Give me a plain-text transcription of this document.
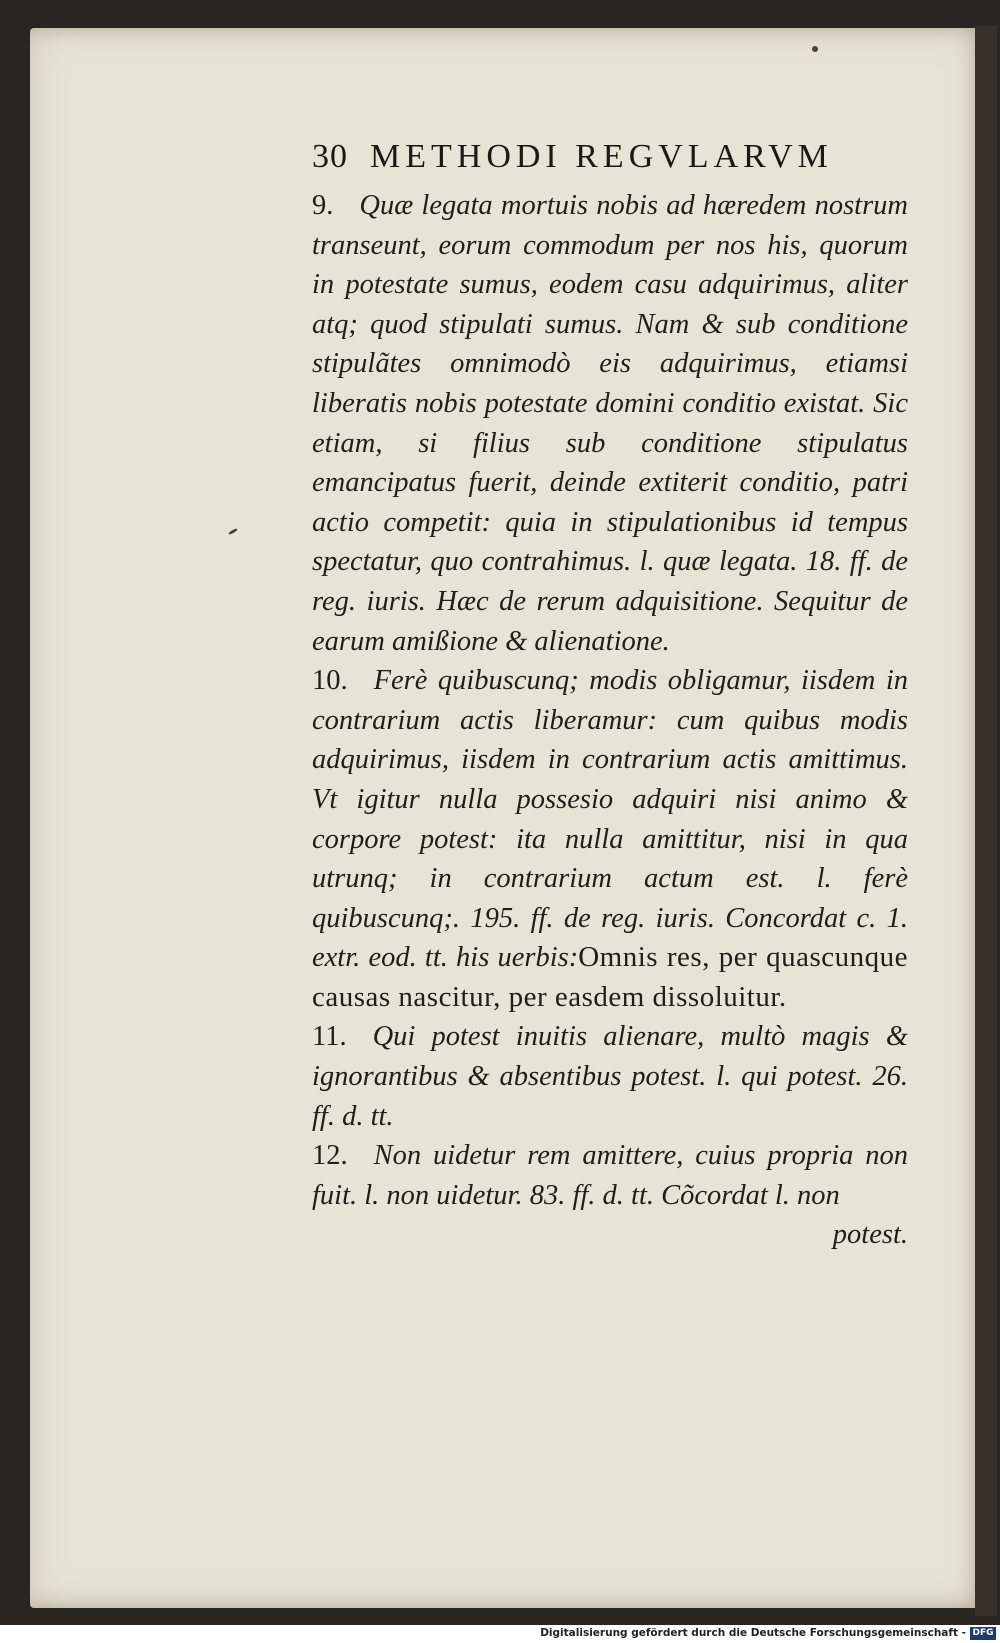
30 METHODI REGVLARVM
9. Quæ legata mortuis nobis ad hæredem nostrum transeunt, eorum commodum per nos his, quorum in potestate sumus, eodem casu adquirimus, aliter atq; quod stipulati sumus. Nam & sub conditione stipulãtes omnimodò eis adquirimus, etiamsi liberatis nobis potestate domini conditio existat. Sic etiam, si filius sub conditione stipulatus emancipatus fuerit, deinde extiterit conditio, patri actio competit: quia in stipulationibus id tempus spectatur, quo contrahimus. l. quæ legata. 18. ff. de reg. iuris. Hæc de rerum adquisitione. Sequitur de earum amißione & alienatione.
10. Ferè quibuscunq; modis obligamur, iisdem in contrarium actis liberamur: cum quibus modis adquirimus, iisdem in contrarium actis amittimus. Vt igitur nulla possesio adquiri nisi animo & corpore potest: ita nulla amittitur, nisi in qua utrunq; in contrarium actum est. l. ferè quibuscunq;. 195. ff. de reg. iuris. Concordat c. 1. extr. eod. tt. his uerbis:Omnis res, per quascunque causas nascitur, per easdem dissoluitur.
11. Qui potest inuitis alienare, multò magis & ignorantibus & absentibus potest. l. qui potest. 26. ff. d. tt.
12. Non uidetur rem amittere, cuius propria non fuit. l. non uidetur. 83. ff. d. tt. Cõcordat l. non
potest.
Digitalisierung gefördert durch die Deutsche Forschungsgemeinschaft - DFG
